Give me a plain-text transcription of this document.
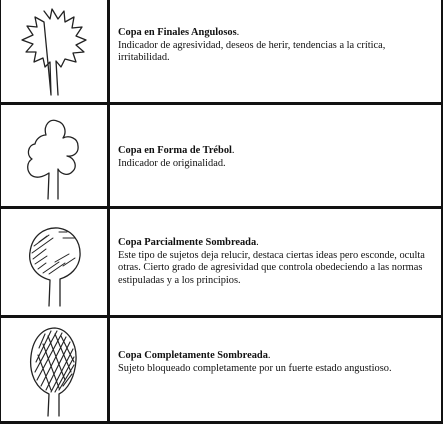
Copa en Finales Angulosos.
Indicador de agresividad, deseos de herir, tendencias a la crítica, irritabilidad.
Copa en Forma de Trébol.
Indicador de originalidad.
Copa Parcialmente Sombreada.
Este tipo de sujetos deja relucir, destaca ciertas ideas pero esconde, oculta otras. Cierto grado de agresividad que controla obedeciendo a las normas estipuladas y a los principios.
Copa Completamente Sombreada.
Sujeto bloqueado completamente por un fuerte estado angustioso.
